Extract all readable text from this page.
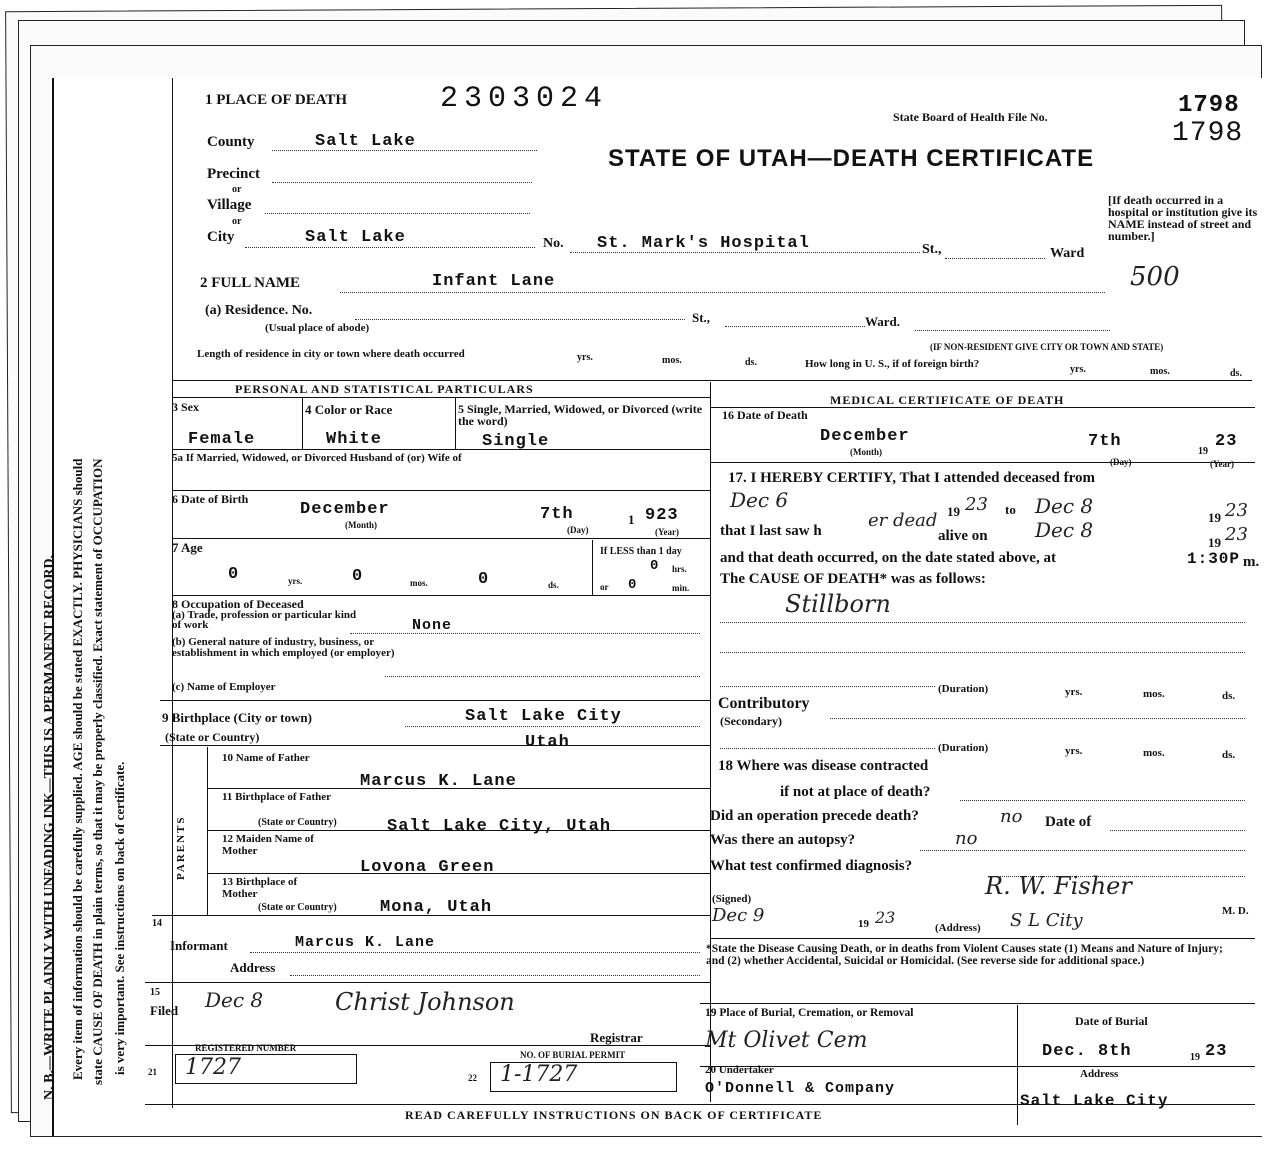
N. B.—WRITE PLAINLY WITH UNFADING INK—THIS IS A PERMANENT RECORD. Every item of information should be carefully supplied. AGE should be stated EXACTLY. PHYSICIANS should state CAUSE OF DEATH in plain terms, so that it may be properly classified. Exact statement of OCCUPATION is very important. See instructions on back of certificate.
1 PLACE OF DEATH	2303024
State Board of Health File No.	1798
1798
STATE OF UTAH—DEATH CERTIFICATE
County	Salt Lake
Precinct
or
Village
or
City	Salt Lake	No. St. Mark's Hospital	St.,	Ward
[If death occurred in a hospital or institution give its NAME instead of street and number.]
500
2 FULL NAME	Infant Lane
(a) Residence. No.
(Usual place of abode)
St.,	Ward.
(IF NON-RESIDENT GIVE CITY OR TOWN AND STATE)
Length of residence in city or town where death occurred	yrs.	mos.	ds.	How long in U. S., if of foreign birth?	yrs.	mos.	ds.
PERSONAL AND STATISTICAL PARTICULARS
3 Sex
Female
4 Color or Race
White
5 Single, Married, Widowed, or Divorced (write the word)
Single
5a If Married, Widowed, or Divorced Husband of (or) Wife of
6 Date of Birth
December
(Month)
7th
(Day)
1 923
(Year)
7 Age
0	yrs.	0	mos.	0	ds.
If LESS than 1 day
0 hrs.
or 0	min.
8 Occupation of Deceased
(a) Trade, profession or particular kind of work	None
(b) General nature of industry, business, or establishment in which employed (or employer)
(c) Name of Employer
9 Birthplace (City or town)	Salt Lake City
(State or Country)	Utah
PARENTS
10 Name of Father
Marcus K. Lane
11 Birthplace of Father
(State or Country)	Salt Lake City, Utah
12 Maiden Name of Mother
Lovona Green
13 Birthplace of Mother
(State or Country)	Mona, Utah
14
Informant	Marcus K. Lane
Address
15
Filed Dec 8	Christ Johnson
Registrar
REGISTERED NUMBER
21 1727	NO. OF BURIAL PERMIT
22 1-1727
MEDICAL CERTIFICATE OF DEATH
16 Date of Death
December
(Month)
7th
(Day)
19
23
(Year)
17. I HEREBY CERTIFY, That I attended deceased from
Dec 6	19 23 to Dec 8	19 23
that I last saw h	er dead
alive on Dec 8
19 23
and that death occurred, on the date stated above, at	1:30P m.
The CAUSE OF DEATH* was as follows:
Stillborn
(Duration)	yrs.	mos.	ds.
Contributory
(Secondary)
(Duration)	yrs.	mos.	ds.
18 Where was disease contracted
if not at place of death?
Did an operation precede death?	no Date of
Was there an autopsy?	no
What test confirmed diagnosis?
(Signed)	R. W. Fisher
M. D.
Dec 9	19 23
(Address) S L City
*State the Disease Causing Death, or in deaths from Violent Causes state (1) Means and Nature of Injury; and (2) whether Accidental, Suicidal or Homicidal. (See reverse side for additional space.)
19 Place of Burial, Cremation, or Removal
Mt Olivet Cem
Date of Burial
Dec. 8th	19 23
20 Undertaker
O'Donnell & Company
Address
Salt Lake City
READ CAREFULLY INSTRUCTIONS ON BACK OF CERTIFICATE
